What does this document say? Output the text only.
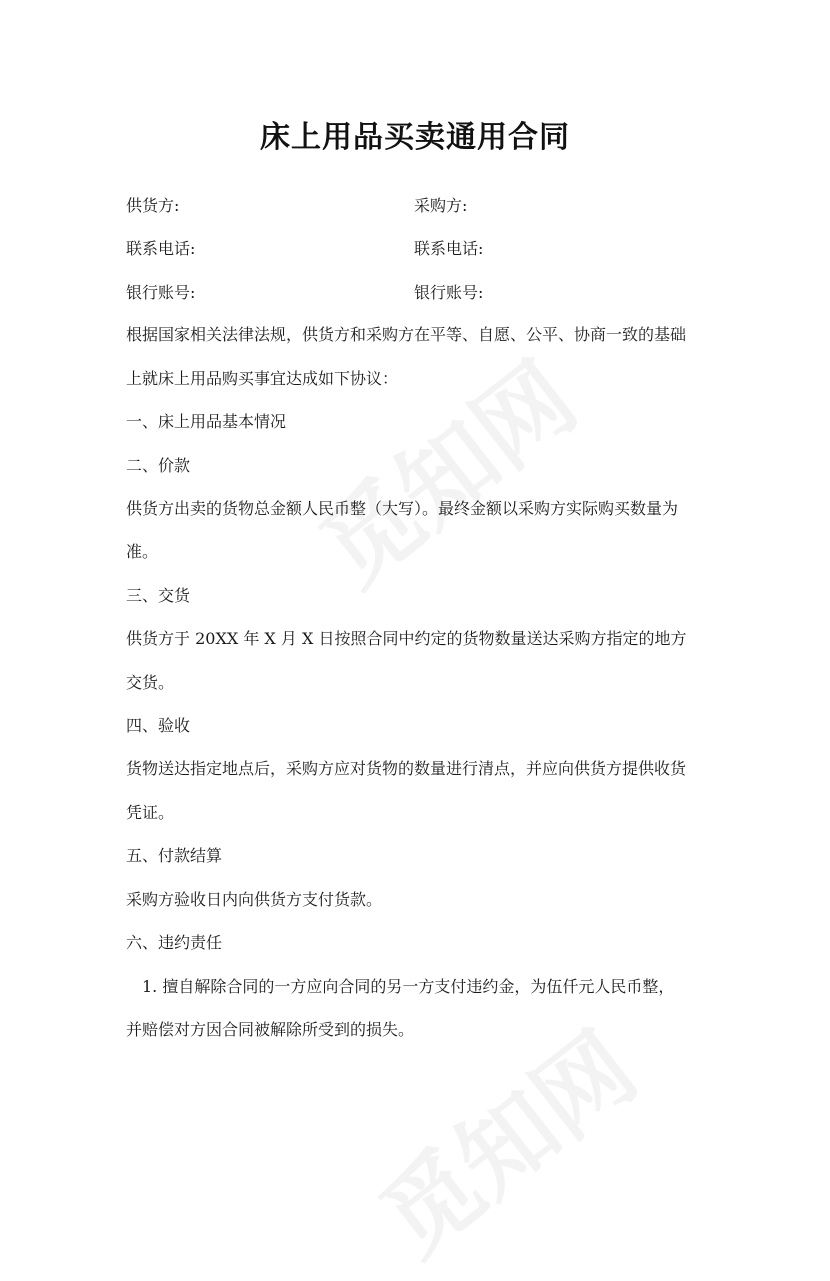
床上用品买卖通用合同
供货方:	采购方:
联系电话:	联系电话:
银行账号:	银行账号:
根据国家相关法律法规，供货方和采购方在平等、自愿、公平、协商一致的基础
上就床上用品购买事宜达成如下协议：
一、床上用品基本情况
二、价款
供货方出卖的货物总金额人民币整（大写）。最终金额以采购方实际购买数量为
准。
三、交货
供货方于 20XX 年 X 月 X 日按照合同中约定的货物数量送达采购方指定的地方
交货。
四、验收
货物送达指定地点后，采购方应对货物的数量进行清点，并应向供货方提供收货
凭证。
五、付款结算
采购方验收日内向供货方支付货款。
六、违约责任
1. 擅自解除合同的一方应向合同的另一方支付违约金，为伍仟元人民币整，
并赔偿对方因合同被解除所受到的损失。
